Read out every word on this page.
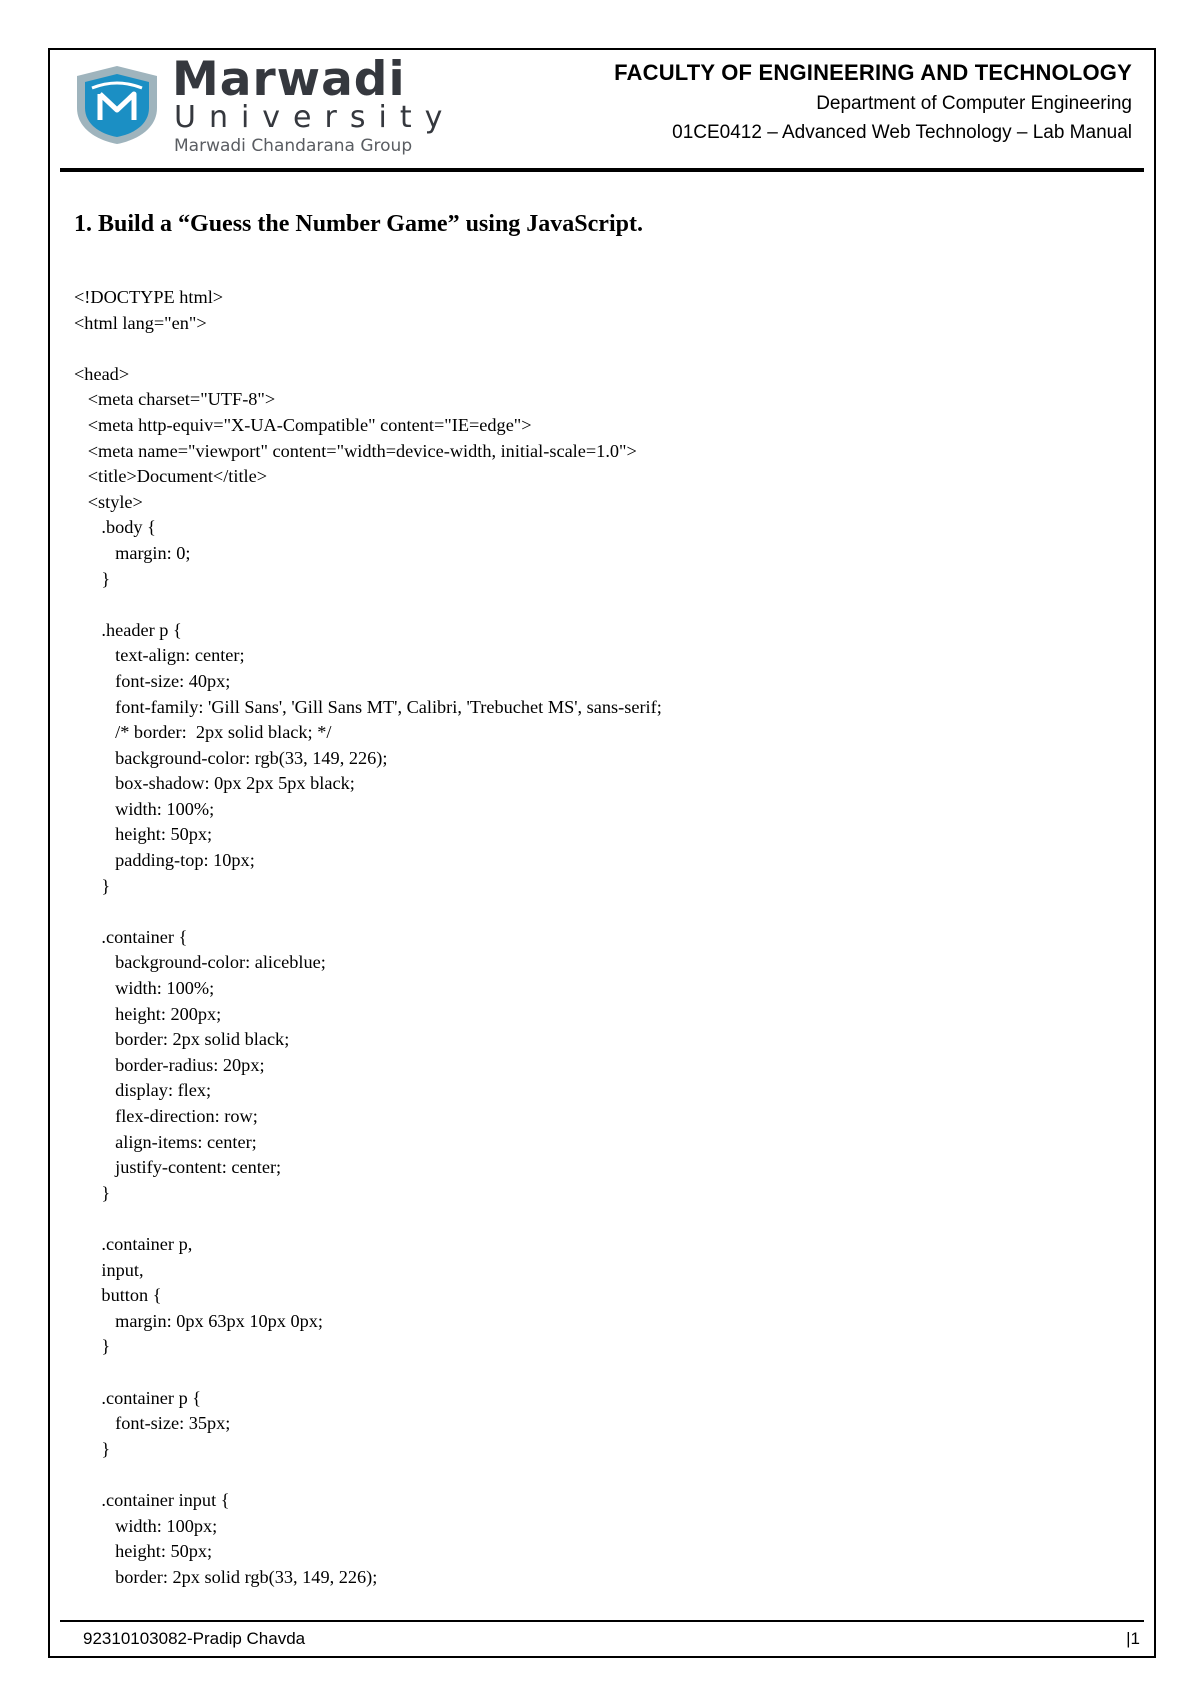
Marwadi
University
Marwadi Chandarana Group
FACULTY OF ENGINEERING AND TECHNOLOGY
Department of Computer Engineering
01CE0412 – Advanced Web Technology – Lab Manual
1. Build a “Guess the Number Game” using JavaScript.
<!DOCTYPE html>
<html lang="en">

<head>
<meta charset="UTF-8">
<meta http-equiv="X-UA-Compatible" content="IE=edge">
<meta name="viewport" content="width=device-width, initial-scale=1.0">
<title>Document</title>
<style>
.body {
margin: 0;
}

.header p {
text-align: center;
font-size: 40px;
font-family: 'Gill Sans', 'Gill Sans MT', Calibri, 'Trebuchet MS', sans-serif;
/* border:  2px solid black; */
background-color: rgb(33, 149, 226);
box-shadow: 0px 2px 5px black;
width: 100%;
height: 50px;
padding-top: 10px;
}

.container {
background-color: aliceblue;
width: 100%;
height: 200px;
border: 2px solid black;
border-radius: 20px;
display: flex;
flex-direction: row;
align-items: center;
justify-content: center;
}

.container p,
input,
button {
margin: 0px 63px 10px 0px;
}

.container p {
font-size: 35px;
}

.container input {
width: 100px;
height: 50px;
border: 2px solid rgb(33, 149, 226);
92310103082-Pradip Chavda	|1
